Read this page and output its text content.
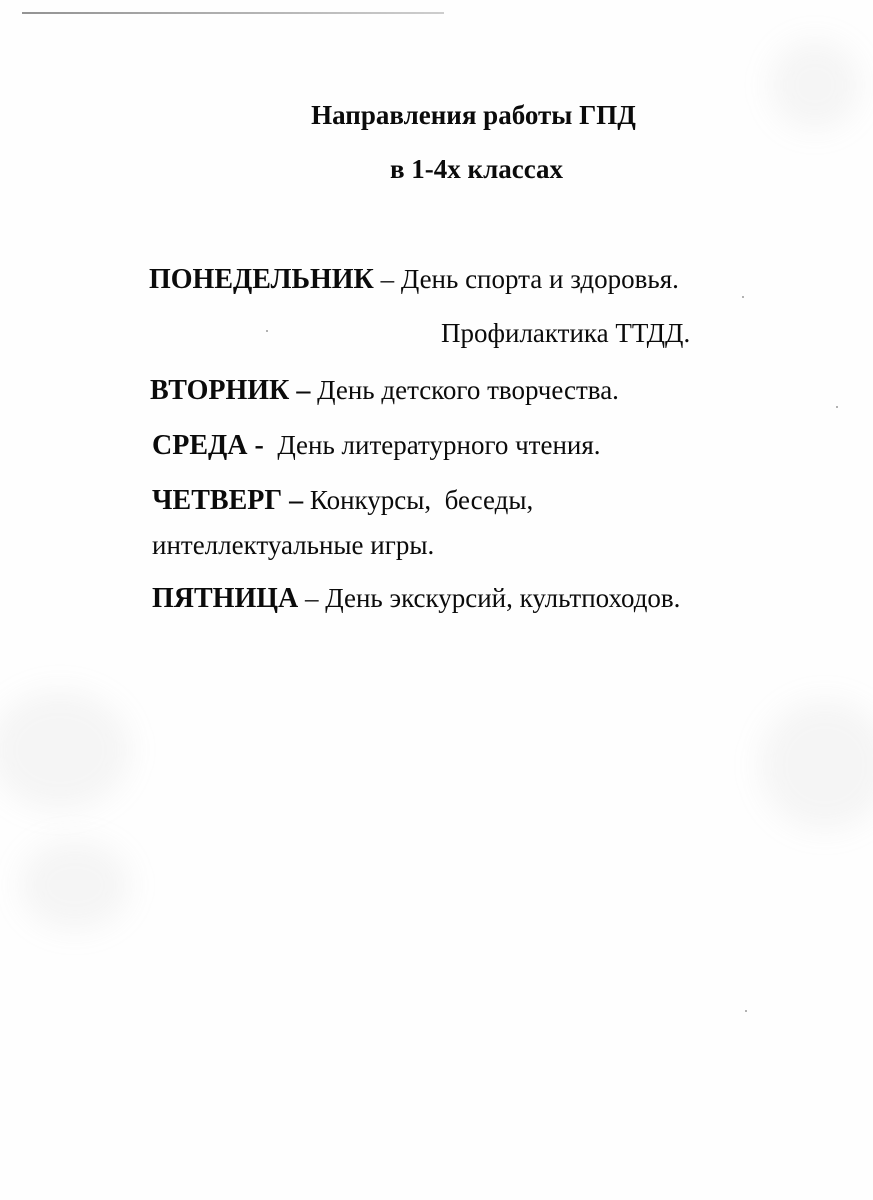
Направления работы ГПД
в 1-4х классах
ПОНЕДЕЛЬНИК – День спорта и здоровья.
Профилактика ТТДД.
ВТОРНИК – День детского творчества.
СРЕДА - День литературного чтения.
ЧЕТВЕРГ – Конкурсы,  беседы,
интеллектуальные игры.
ПЯТНИЦА – День экскурсий, культпоходов.
